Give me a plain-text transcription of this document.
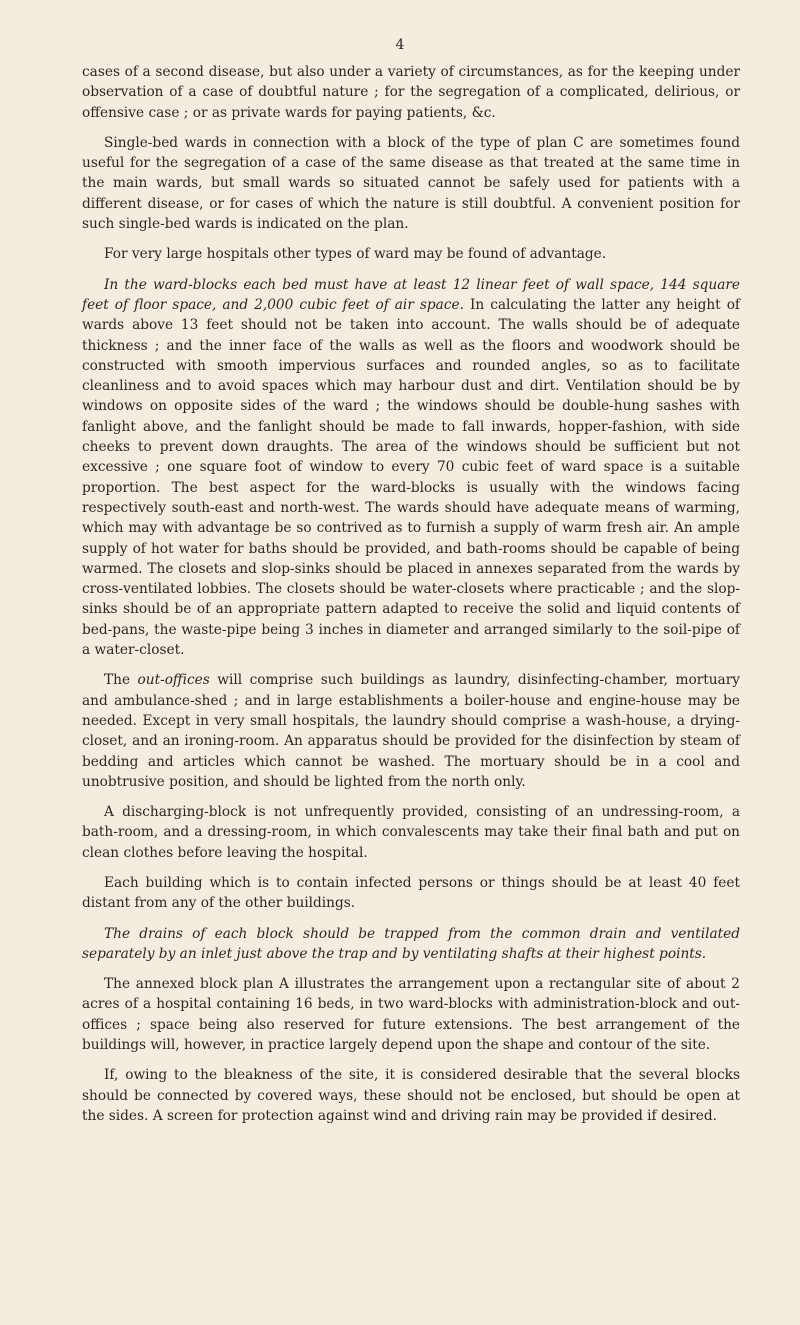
4

cases of a second disease, but also under a variety of circumstances, as for the keeping under observation of a case of doubtful nature ; for the segregation of a complicated, delirious, or offensive case ; or as private wards for paying patients, &c.

Single-bed wards in connection with a block of the type of plan C are sometimes found useful for the segregation of a case of the same disease as that treated at the same time in the main wards, but small wards so situated cannot be safely used for patients with a different disease, or for cases of which the nature is still doubtful. A convenient position for such single-bed wards is indicated on the plan.

For very large hospitals other types of ward may be found of advantage.

In the ward-blocks each bed must have at least 12 linear feet of wall space, 144 square feet of floor space, and 2,000 cubic feet of air space. In calculating the latter any height of wards above 13 feet should not be taken into account. The walls should be of adequate thickness ; and the inner face of the walls as well as the floors and woodwork should be constructed with smooth impervious surfaces and rounded angles, so as to facilitate cleanliness and to avoid spaces which may harbour dust and dirt. Ventilation should be by windows on opposite sides of the ward ; the windows should be double-hung sashes with fanlight above, and the fanlight should be made to fall inwards, hopper-fashion, with side cheeks to prevent down draughts. The area of the windows should be sufficient but not excessive ; one square foot of window to every 70 cubic feet of ward space is a suitable proportion. The best aspect for the ward-blocks is usually with the windows facing respectively south-east and north-west. The wards should have adequate means of warming, which may with advantage be so contrived as to furnish a supply of warm fresh air. An ample supply of hot water for baths should be provided, and bath-rooms should be capable of being warmed. The closets and slop-sinks should be placed in annexes separated from the wards by cross-ventilated lobbies. The closets should be water-closets where practicable ; and the slop-sinks should be of an appropriate pattern adapted to receive the solid and liquid contents of bed-pans, the waste-pipe being 3 inches in diameter and arranged similarly to the soil-pipe of a water-closet.

The out-offices will comprise such buildings as laundry, disinfecting-chamber, mortuary and ambulance-shed ; and in large establishments a boiler-house and engine-house may be needed. Except in very small hospitals, the laundry should comprise a wash-house, a drying-closet, and an ironing-room. An apparatus should be provided for the disinfection by steam of bedding and articles which cannot be washed. The mortuary should be in a cool and unobtrusive position, and should be lighted from the north only.

A discharging-block is not unfrequently provided, consisting of an undressing-room, a bath-room, and a dressing-room, in which convalescents may take their final bath and put on clean clothes before leaving the hospital.

Each building which is to contain infected persons or things should be at least 40 feet distant from any of the other buildings.

The drains of each block should be trapped from the common drain and ventilated separately by an inlet just above the trap and by ventilating shafts at their highest points.

The annexed block plan A illustrates the arrangement upon a rectangular site of about 2 acres of a hospital containing 16 beds, in two ward-blocks with administration-block and out-offices ; space being also reserved for future extensions. The best arrangement of the buildings will, however, in practice largely depend upon the shape and contour of the site.

If, owing to the bleakness of the site, it is considered desirable that the several blocks should be connected by covered ways, these should not be enclosed, but should be open at the sides. A screen for protection against wind and driving rain may be provided if desired.
